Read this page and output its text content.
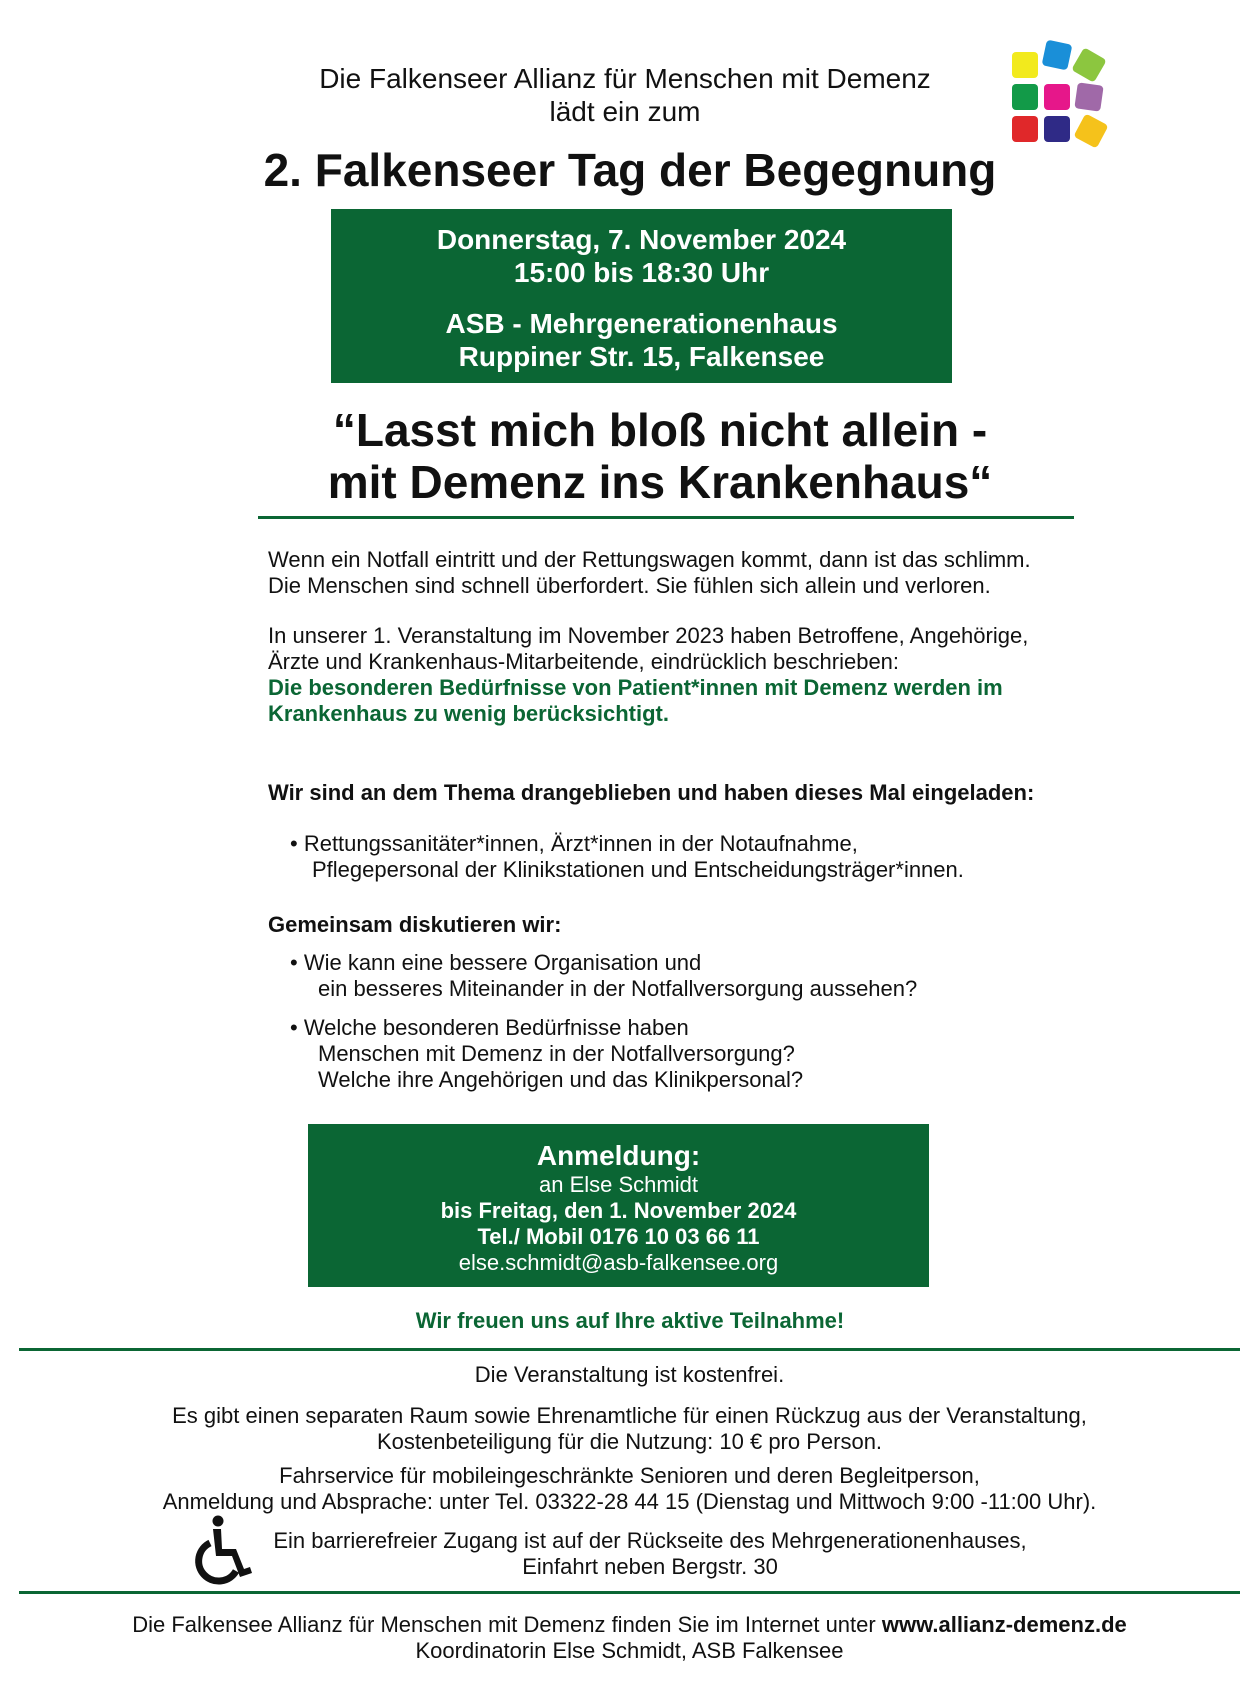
Die Falkenseer Allianz für Menschen mit Demenz
lädt ein zum
2. Falkenseer Tag der Begegnung
Donnerstag, 7. November 2024
15:00 bis 18:30 Uhr
ASB - Mehrgenerationenhaus
Ruppiner Str. 15, Falkensee
“Lasst mich bloß nicht allein -
mit Demenz ins Krankenhaus“
Wenn ein Notfall eintritt und der Rettungswagen kommt, dann ist das schlimm.
Die Menschen sind schnell überfordert. Sie fühlen sich allein und verloren.
In unserer 1. Veranstaltung im November 2023 haben Betroffene, Angehörige,
Ärzte und Krankenhaus-Mitarbeitende, eindrücklich beschrieben:
Die besonderen Bedürfnisse von Patient*innen mit Demenz werden im
Krankenhaus zu wenig berücksichtigt.
Wir sind an dem Thema drangeblieben und haben dieses Mal eingeladen:
• Rettungssanitäter*innen, Ärzt*innen in der Notaufnahme,
Pflegepersonal der Klinikstationen und Entscheidungsträger*innen.
Gemeinsam diskutieren wir:
• Wie kann eine bessere Organisation und
ein besseres Miteinander in der Notfallversorgung aussehen?
• Welche besonderen Bedürfnisse haben
Menschen mit Demenz in der Notfallversorgung?
Welche ihre Angehörigen und das Klinikpersonal?
Anmeldung:
an Else Schmidt
bis Freitag, den 1. November 2024
Tel./ Mobil 0176 10 03 66 11
else.schmidt@asb-falkensee.org
Wir freuen uns auf Ihre aktive Teilnahme!
Die Veranstaltung ist kostenfrei.
Es gibt einen separaten Raum sowie Ehrenamtliche für einen Rückzug aus der Veranstaltung,
Kostenbeteiligung für die Nutzung: 10 € pro Person.
Fahrservice für mobileingeschränkte Senioren und deren Begleitperson,
Anmeldung und Absprache: unter Tel. 03322-28 44 15 (Dienstag und Mittwoch 9:00 -11:00 Uhr).
Ein barrierefreier Zugang ist auf der Rückseite des Mehrgenerationenhauses,
Einfahrt neben Bergstr. 30
Die Falkensee Allianz für Menschen mit Demenz finden Sie im Internet unter www.allianz-demenz.de
Koordinatorin Else Schmidt, ASB Falkensee
